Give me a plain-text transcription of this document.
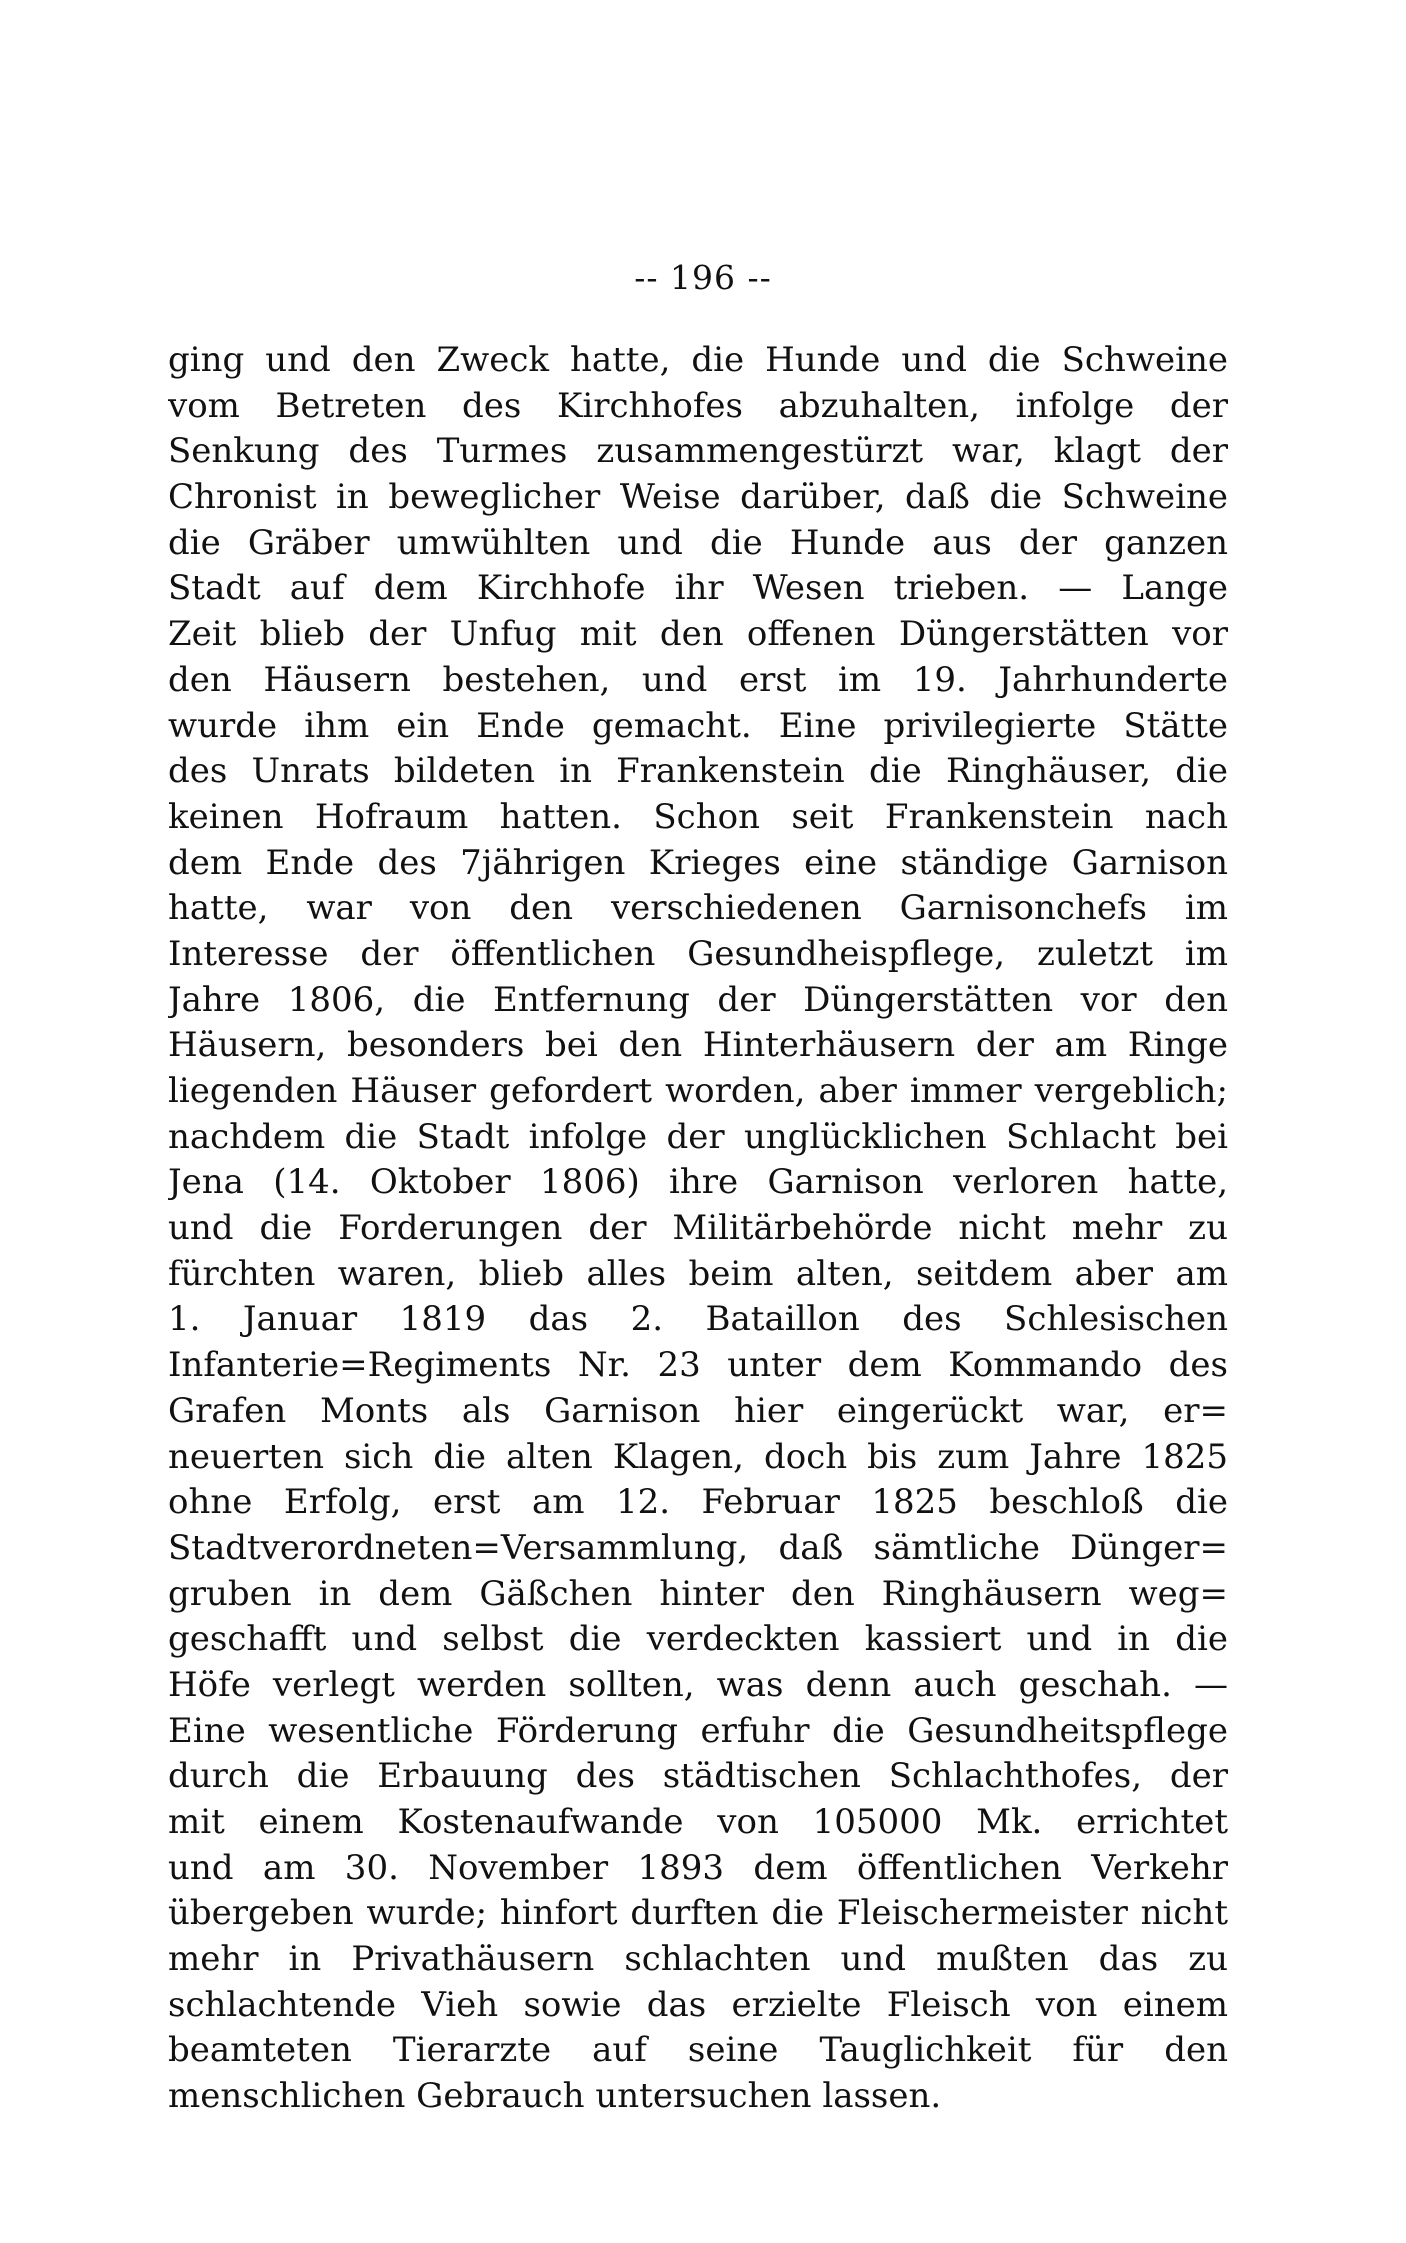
-- 196 --
ging und den Zweck hatte, die Hunde und die Schweine
vom Betreten des Kirchhofes abzuhalten, infolge der
Senkung des Turmes zusammengestürzt war, klagt der
Chronist in beweglicher Weise darüber, daß die Schweine
die Gräber umwühlten und die Hunde aus der ganzen
Stadt auf dem Kirchhofe ihr Wesen trieben. — Lange
Zeit blieb der Unfug mit den offenen Düngerstätten vor
den Häusern bestehen, und erst im 19. Jahrhunderte
wurde ihm ein Ende gemacht. Eine privilegierte Stätte
des Unrats bildeten in Frankenstein die Ringhäuser, die
keinen Hofraum hatten. Schon seit Frankenstein nach
dem Ende des 7jährigen Krieges eine ständige Garnison
hatte, war von den verschiedenen Garnisonchefs im
Interesse der öffentlichen Gesundheispflege, zuletzt im
Jahre 1806, die Entfernung der Düngerstätten vor den
Häusern, besonders bei den Hinterhäusern der am Ringe
liegenden Häuser gefordert worden, aber immer vergeblich;
nachdem die Stadt infolge der unglücklichen Schlacht bei
Jena (14. Oktober 1806) ihre Garnison verloren hatte,
und die Forderungen der Militärbehörde nicht mehr zu
fürchten waren, blieb alles beim alten, seitdem aber am
1. Januar 1819 das 2. Bataillon des Schlesischen
Infanterie=Regiments Nr. 23 unter dem Kommando des
Grafen Monts als Garnison hier eingerückt war, er=
neuerten sich die alten Klagen, doch bis zum Jahre 1825
ohne Erfolg, erst am 12. Februar 1825 beschloß die
Stadtverordneten=Versammlung, daß sämtliche Dünger=
gruben in dem Gäßchen hinter den Ringhäusern weg=
geschafft und selbst die verdeckten kassiert und in die
Höfe verlegt werden sollten, was denn auch geschah. —
Eine wesentliche Förderung erfuhr die Gesundheitspflege
durch die Erbauung des städtischen Schlachthofes, der
mit einem Kostenaufwande von 105000 Mk. errichtet
und am 30. November 1893 dem öffentlichen Verkehr
übergeben wurde; hinfort durften die Fleischermeister nicht
mehr in Privathäusern schlachten und mußten das zu
schlachtende Vieh sowie das erzielte Fleisch von einem
beamteten Tierarzte auf seine Tauglichkeit für den
menschlichen Gebrauch untersuchen lassen.
